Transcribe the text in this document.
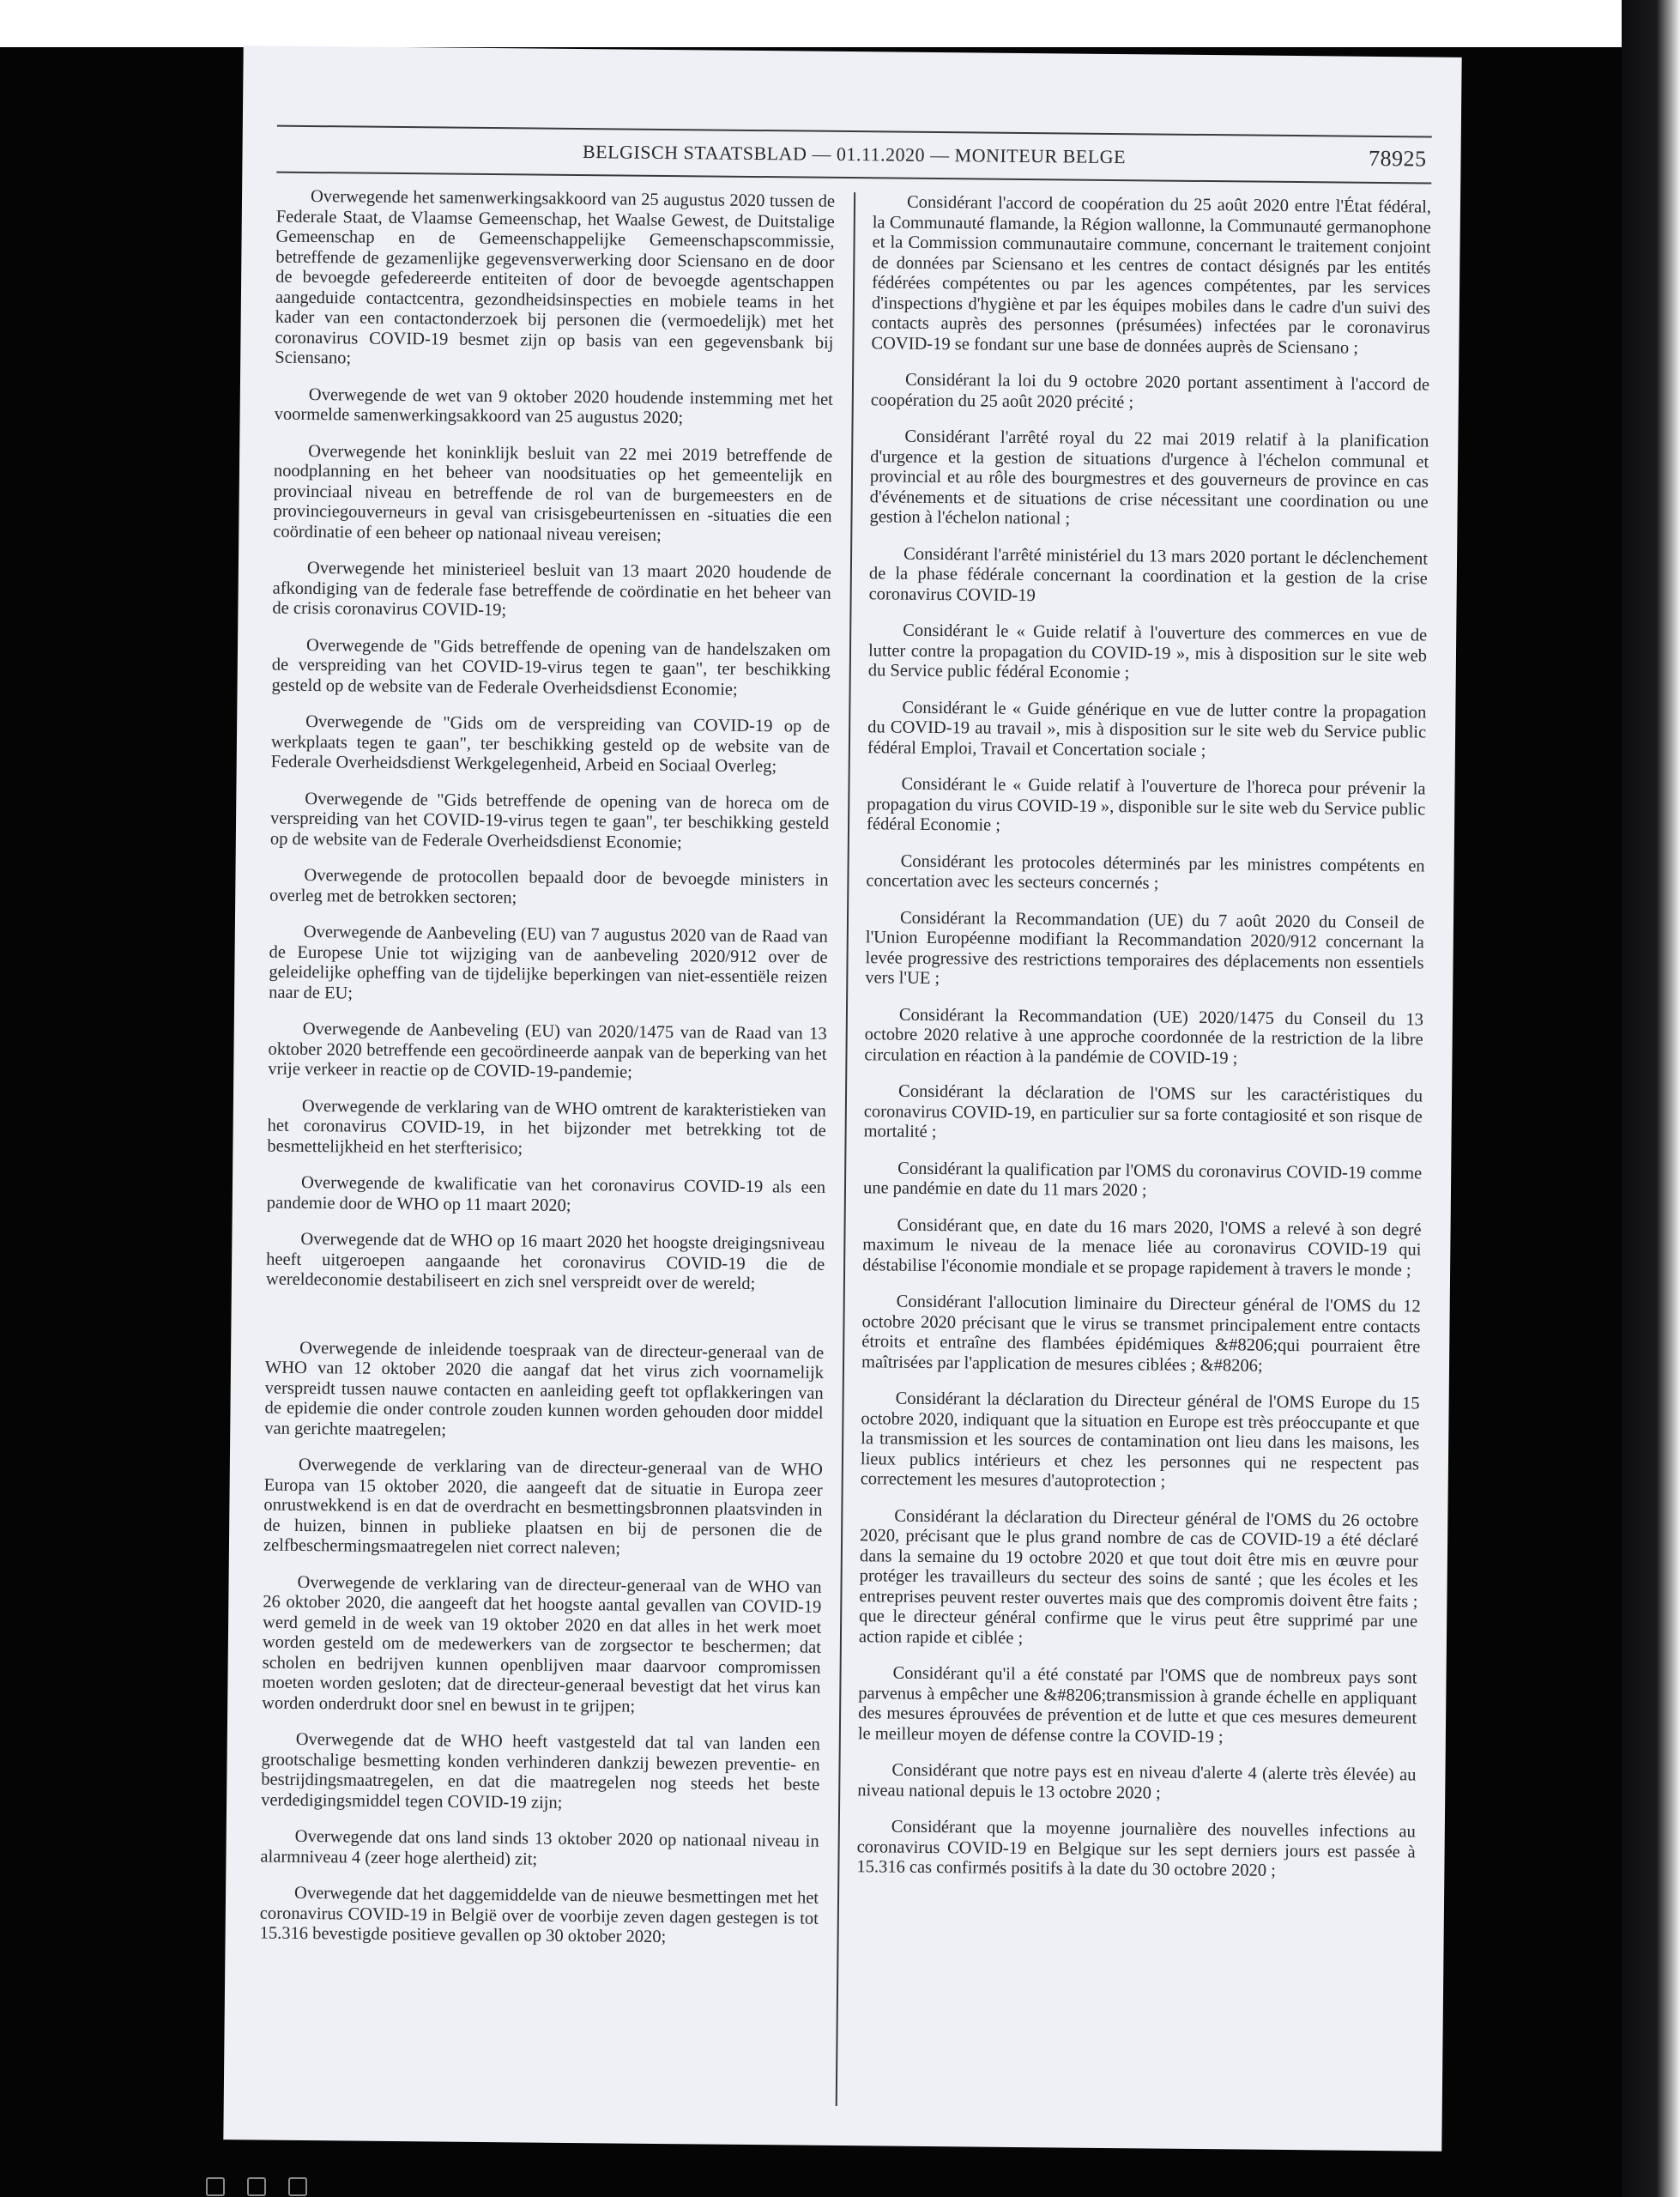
BELGISCH STAATSBLAD — 01.11.2020 — MONITEUR BELGE	78925

Overwegende het samenwerkingsakkoord van 25 augustus 2020 tussen de Federale Staat, de Vlaamse Gemeenschap, het Waalse Gewest, de Duitstalige Gemeenschap en de Gemeenschappelijke Gemeenschapscommissie, betreffende de gezamenlijke gegevensverwerking door Sciensano en de door de bevoegde gefedereerde entiteiten of door de bevoegde agentschappen aangeduide contactcentra, gezondheidsinspecties en mobiele teams in het kader van een contactonderzoek bij personen die (vermoedelijk) met het coronavirus COVID-19 besmet zijn op basis van een gegevensbank bij Sciensano;

Overwegende de wet van 9 oktober 2020 houdende instemming met het voormelde samenwerkingsakkoord van 25 augustus 2020;

Overwegende het koninklijk besluit van 22 mei 2019 betreffende de noodplanning en het beheer van noodsituaties op het gemeentelijk en provinciaal niveau en betreffende de rol van de burgemeesters en de provinciegouverneurs in geval van crisisgebeurtenissen en -situaties die een coördinatie of een beheer op nationaal niveau vereisen;

Overwegende het ministerieel besluit van 13 maart 2020 houdende de afkondiging van de federale fase betreffende de coördinatie en het beheer van de crisis coronavirus COVID-19;

Overwegende de "Gids betreffende de opening van de handelszaken om de verspreiding van het COVID-19-virus tegen te gaan", ter beschikking gesteld op de website van de Federale Overheidsdienst Economie;

Overwegende de "Gids om de verspreiding van COVID-19 op de werkplaats tegen te gaan", ter beschikking gesteld op de website van de Federale Overheidsdienst Werkgelegenheid, Arbeid en Sociaal Overleg;

Overwegende de "Gids betreffende de opening van de horeca om de verspreiding van het COVID-19-virus tegen te gaan", ter beschikking gesteld op de website van de Federale Overheidsdienst Economie;

Overwegende de protocollen bepaald door de bevoegde ministers in overleg met de betrokken sectoren;

Overwegende de Aanbeveling (EU) van 7 augustus 2020 van de Raad van de Europese Unie tot wijziging van de aanbeveling 2020/912 over de geleidelijke opheffing van de tijdelijke beperkingen van niet-essentiële reizen naar de EU;

Overwegende de Aanbeveling (EU) van 2020/1475 van de Raad van 13 oktober 2020 betreffende een gecoördineerde aanpak van de beperking van het vrije verkeer in reactie op de COVID-19-pandemie;

Overwegende de verklaring van de WHO omtrent de karakteristieken van het coronavirus COVID-19, in het bijzonder met betrekking tot de besmettelijkheid en het sterfterisico;

Overwegende de kwalificatie van het coronavirus COVID-19 als een pandemie door de WHO op 11 maart 2020;

Overwegende dat de WHO op 16 maart 2020 het hoogste dreigingsniveau heeft uitgeroepen aangaande het coronavirus COVID-19 die de wereldeconomie destabiliseert en zich snel verspreidt over de wereld;

Overwegende de inleidende toespraak van de directeur-generaal van de WHO van 12 oktober 2020 die aangaf dat het virus zich voornamelijk verspreidt tussen nauwe contacten en aanleiding geeft tot opflakkeringen van de epidemie die onder controle zouden kunnen worden gehouden door middel van gerichte maatregelen;

Overwegende de verklaring van de directeur-generaal van de WHO Europa van 15 oktober 2020, die aangeeft dat de situatie in Europa zeer onrustwekkend is en dat de overdracht en besmettingsbronnen plaatsvinden in de huizen, binnen in publieke plaatsen en bij de personen die de zelfbeschermingsmaatregelen niet correct naleven;

Overwegende de verklaring van de directeur-generaal van de WHO van 26 oktober 2020, die aangeeft dat het hoogste aantal gevallen van COVID-19 werd gemeld in de week van 19 oktober 2020 en dat alles in het werk moet worden gesteld om de medewerkers van de zorgsector te beschermen; dat scholen en bedrijven kunnen openblijven maar daarvoor compromissen moeten worden gesloten; dat de directeur-generaal bevestigt dat het virus kan worden onderdrukt door snel en bewust in te grijpen;

Overwegende dat de WHO heeft vastgesteld dat tal van landen een grootschalige besmetting konden verhinderen dankzij bewezen preventie- en bestrijdingsmaatregelen, en dat die maatregelen nog steeds het beste verdedigingsmiddel tegen COVID-19 zijn;

Overwegende dat ons land sinds 13 oktober 2020 op nationaal niveau in alarmniveau 4 (zeer hoge alertheid) zit;

Overwegende dat het daggemiddelde van de nieuwe besmettingen met het coronavirus COVID-19 in België over de voorbije zeven dagen gestegen is tot 15.316 bevestigde positieve gevallen op 30 oktober 2020;

Considérant l'accord de coopération du 25 août 2020 entre l'État fédéral, la Communauté flamande, la Région wallonne, la Communauté germanophone et la Commission communautaire commune, concernant le traitement conjoint de données par Sciensano et les centres de contact désignés par les entités fédérées compétentes ou par les agences compétentes, par les services d'inspections d'hygiène et par les équipes mobiles dans le cadre d'un suivi des contacts auprès des personnes (présumées) infectées par le coronavirus COVID-19 se fondant sur une base de données auprès de Sciensano ;

Considérant la loi du 9 octobre 2020 portant assentiment à l'accord de coopération du 25 août 2020 précité ;

Considérant l'arrêté royal du 22 mai 2019 relatif à la planification d'urgence et la gestion de situations d'urgence à l'échelon communal et provincial et au rôle des bourgmestres et des gouverneurs de province en cas d'événements et de situations de crise nécessitant une coordination ou une gestion à l'échelon national ;

Considérant l'arrêté ministériel du 13 mars 2020 portant le déclenchement de la phase fédérale concernant la coordination et la gestion de la crise coronavirus COVID-19

Considérant le « Guide relatif à l'ouverture des commerces en vue de lutter contre la propagation du COVID-19 », mis à disposition sur le site web du Service public fédéral Economie ;

Considérant le « Guide générique en vue de lutter contre la propagation du COVID-19 au travail », mis à disposition sur le site web du Service public fédéral Emploi, Travail et Concertation sociale ;

Considérant le « Guide relatif à l'ouverture de l'horeca pour prévenir la propagation du virus COVID-19 », disponible sur le site web du Service public fédéral Economie ;

Considérant les protocoles déterminés par les ministres compétents en concertation avec les secteurs concernés ;

Considérant la Recommandation (UE) du 7 août 2020 du Conseil de l'Union Européenne modifiant la Recommandation 2020/912 concernant la levée progressive des restrictions temporaires des déplacements non essentiels vers l'UE ;

Considérant la Recommandation (UE) 2020/1475 du Conseil du 13 octobre 2020 relative à une approche coordonnée de la restriction de la libre circulation en réaction à la pandémie de COVID-19 ;

Considérant la déclaration de l'OMS sur les caractéristiques du coronavirus COVID-19, en particulier sur sa forte contagiosité et son risque de mortalité ;

Considérant la qualification par l'OMS du coronavirus COVID-19 comme une pandémie en date du 11 mars 2020 ;

Considérant que, en date du 16 mars 2020, l'OMS a relevé à son degré maximum le niveau de la menace liée au coronavirus COVID-19 qui déstabilise l'économie mondiale et se propage rapidement à travers le monde ;

Considérant l'allocution liminaire du Directeur général de l'OMS du 12 octobre 2020 précisant que le virus se transmet principalement entre contacts étroits et entraîne des flambées épidémiques &#8206;qui pourraient être maîtrisées par l'application de mesures ciblées ; &#8206;

Considérant la déclaration du Directeur général de l'OMS Europe du 15 octobre 2020, indiquant que la situation en Europe est très préoccupante et que la transmission et les sources de contamination ont lieu dans les maisons, les lieux publics intérieurs et chez les personnes qui ne respectent pas correctement les mesures d'autoprotection ;

Considérant la déclaration du Directeur général de l'OMS du 26 octobre 2020, précisant que le plus grand nombre de cas de COVID-19 a été déclaré dans la semaine du 19 octobre 2020 et que tout doit être mis en œuvre pour protéger les travailleurs du secteur des soins de santé ; que les écoles et les entreprises peuvent rester ouvertes mais que des compromis doivent être faits ; que le directeur général confirme que le virus peut être supprimé par une action rapide et ciblée ;

Considérant qu'il a été constaté par l'OMS que de nombreux pays sont parvenus à empêcher une &#8206;transmission à grande échelle en appliquant des mesures éprouvées de prévention et de lutte et que ces mesures demeurent le meilleur moyen de défense contre la COVID-19 ;

Considérant que notre pays est en niveau d'alerte 4 (alerte très élevée) au niveau national depuis le 13 octobre 2020 ;

Considérant que la moyenne journalière des nouvelles infections au coronavirus COVID-19 en Belgique sur les sept derniers jours est passée à 15.316 cas confirmés positifs à la date du 30 octobre 2020 ;
